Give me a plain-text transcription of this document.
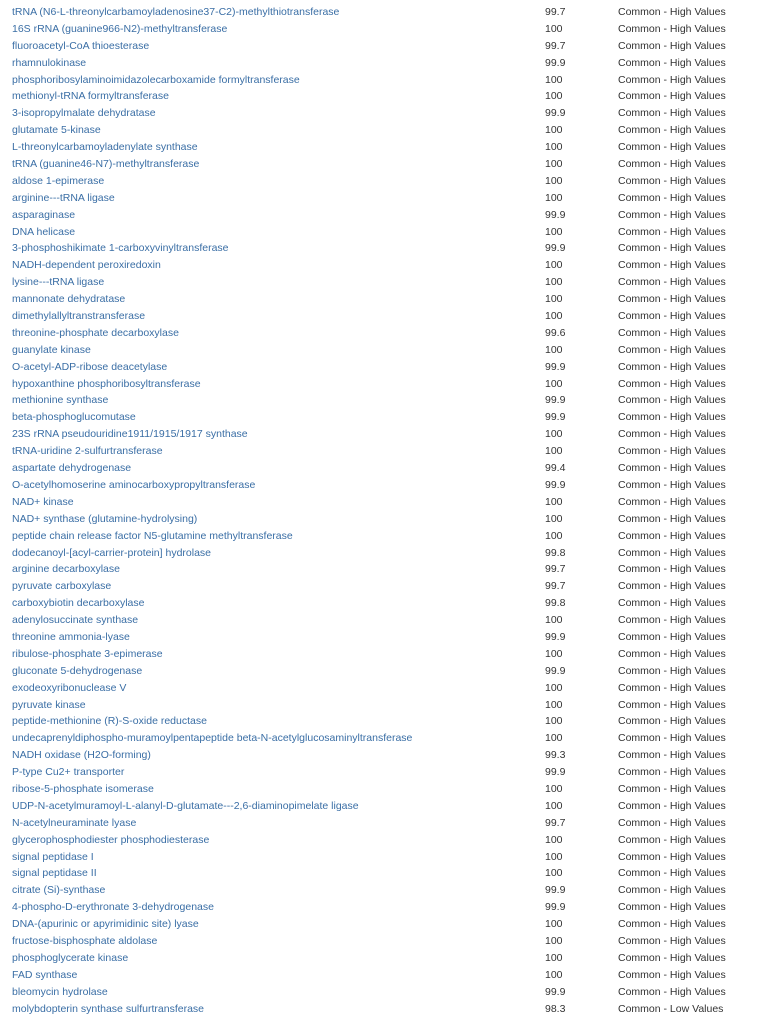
tRNA (N6-L-threonylcarbamoyladenosine37-C2)-methylthiotransferase	99.7	Common - High Values
16S rRNA (guanine966-N2)-methyltransferase	100	Common - High Values
fluoroacetyl-CoA thioesterase	99.7	Common - High Values
rhamnulokinase	99.9	Common - High Values
phosphoribosylaminoimidazolecarboxamide formyltransferase	100	Common - High Values
methionyl-tRNA formyltransferase	100	Common - High Values
3-isopropylmalate dehydratase	99.9	Common - High Values
glutamate 5-kinase	100	Common - High Values
L-threonylcarbamoyladenylate synthase	100	Common - High Values
tRNA (guanine46-N7)-methyltransferase	100	Common - High Values
aldose 1-epimerase	100	Common - High Values
arginine---tRNA ligase	100	Common - High Values
asparaginase	99.9	Common - High Values
DNA helicase	100	Common - High Values
3-phosphoshikimate 1-carboxyvinyltransferase	99.9	Common - High Values
NADH-dependent peroxiredoxin	100	Common - High Values
lysine---tRNA ligase	100	Common - High Values
mannonate dehydratase	100	Common - High Values
dimethylallyltranstransferase	100	Common - High Values
threonine-phosphate decarboxylase	99.6	Common - High Values
guanylate kinase	100	Common - High Values
O-acetyl-ADP-ribose deacetylase	99.9	Common - High Values
hypoxanthine phosphoribosyltransferase	100	Common - High Values
methionine synthase	99.9	Common - High Values
beta-phosphoglucomutase	99.9	Common - High Values
23S rRNA pseudouridine1911/1915/1917 synthase	100	Common - High Values
tRNA-uridine 2-sulfurtransferase	100	Common - High Values
aspartate dehydrogenase	99.4	Common - High Values
O-acetylhomoserine aminocarboxypropyltransferase	99.9	Common - High Values
NAD+ kinase	100	Common - High Values
NAD+ synthase (glutamine-hydrolysing)	100	Common - High Values
peptide chain release factor N5-glutamine methyltransferase	100	Common - High Values
dodecanoyl-[acyl-carrier-protein] hydrolase	99.8	Common - High Values
arginine decarboxylase	99.7	Common - High Values
pyruvate carboxylase	99.7	Common - High Values
carboxybiotin decarboxylase	99.8	Common - High Values
adenylosuccinate synthase	100	Common - High Values
threonine ammonia-lyase	99.9	Common - High Values
ribulose-phosphate 3-epimerase	100	Common - High Values
gluconate 5-dehydrogenase	99.9	Common - High Values
exodeoxyribonuclease V	100	Common - High Values
pyruvate kinase	100	Common - High Values
peptide-methionine (R)-S-oxide reductase	100	Common - High Values
undecaprenyldiphospho-muramoylpentapeptide beta-N-acetylglucosaminyltransferase	100	Common - High Values
NADH oxidase (H2O-forming)	99.3	Common - High Values
P-type Cu2+ transporter	99.9	Common - High Values
ribose-5-phosphate isomerase	100	Common - High Values
UDP-N-acetylmuramoyl-L-alanyl-D-glutamate---2,6-diaminopimelate ligase	100	Common - High Values
N-acetylneuraminate lyase	99.7	Common - High Values
glycerophosphodiester phosphodiesterase	100	Common - High Values
signal peptidase I	100	Common - High Values
signal peptidase II	100	Common - High Values
citrate (Si)-synthase	99.9	Common - High Values
4-phospho-D-erythronate 3-dehydrogenase	99.9	Common - High Values
DNA-(apurinic or apyrimidinic site) lyase	100	Common - High Values
fructose-bisphosphate aldolase	100	Common - High Values
phosphoglycerate kinase	100	Common - High Values
FAD synthase	100	Common - High Values
bleomycin hydrolase	99.9	Common - High Values
molybdopterin synthase sulfurtransferase	98.3	Common - Low Values
